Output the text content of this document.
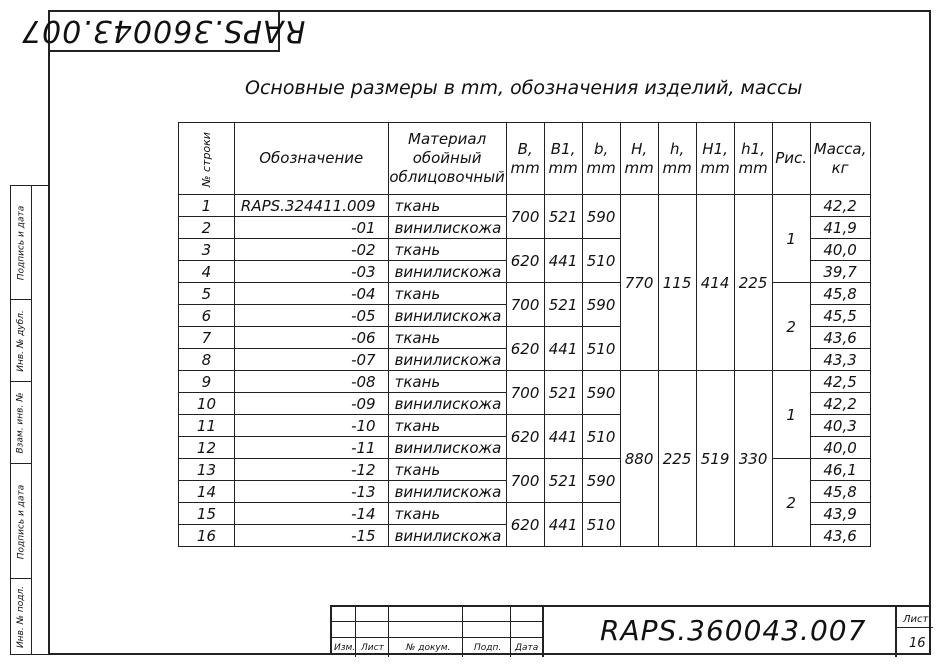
RAPS.360043.007
Подпись и дата
Инв. № дубл.
Взам. инв. №
Подпись и дата
Инв. № подл.
Основные размеры в mm, обозначения изделий, массы
№ строки	Обозначение	Материал обойный облицовочный	B, mm	B1, mm	b, mm	H, mm	h, mm	H1, mm	h1, mm	Рис.	Масса, кг
1	RAPS.324411.009	ткань	700	521	590	770	115	414	225	1	42,2
2	-01	винилискожа									41,9
3	-02	ткань	620	441	510						40,0
4	-03	винилискожа									39,7
5	-04	ткань	700	521	590					2	45,8
6	-05	винилискожа									45,5
7	-06	ткань	620	441	510						43,6
8	-07	винилискожа									43,3
9	-08	ткань	700	521	590	880	225	519	330	1	42,5
10	-09	винилискожа									42,2
11	-10	ткань	620	441	510						40,3
12	-11	винилискожа									40,0
13	-12	ткань	700	521	590					2	46,1
14	-13	винилискожа									45,8
15	-14	ткань	620	441	510						43,9
16	-15	винилискожа									43,6
Изм. Лист № докум.	Подп. Дата
RAPS.360043.007	Лист
16
